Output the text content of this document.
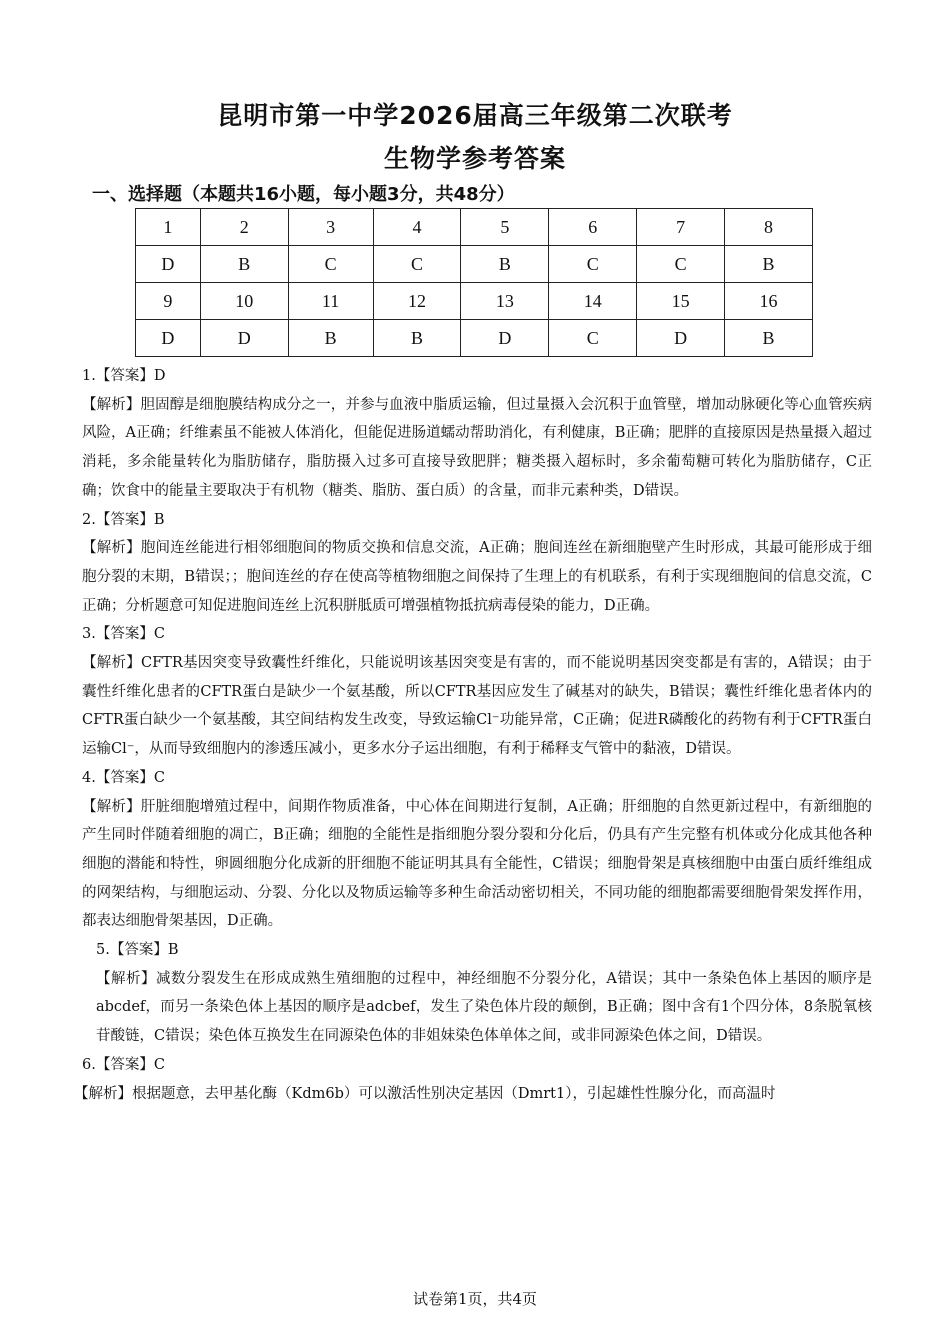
昆明市第一中学2026届高三年级第二次联考
生物学参考答案

一、选择题（本题共16小题，每小题3分，共48分）

1	2	3	4	5	6	7	8
D	B	C	C	B	C	C	B
9	10	11	12	13	14	15	16
D	D	B	B	D	C	D	B

1.【答案】D

【解析】胆固醇是细胞膜结构成分之一，并参与血液中脂质运输，但过量摄入会沉积于血管壁，增加动脉硬化等心血管疾病风险，A正确；纤维素虽不能被人体消化，但能促进肠道蠕动帮助消化，有利健康，B正确；肥胖的直接原因是热量摄入超过消耗，多余能量转化为脂肪储存，脂肪摄入过多可直接导致肥胖；糖类摄入超标时，多余葡萄糖可转化为脂肪储存，C正确；饮食中的能量主要取决于有机物（糖类、脂肪、蛋白质）的含量，而非元素种类，D错误。

2.【答案】B

【解析】胞间连丝能进行相邻细胞间的物质交换和信息交流，A正确；胞间连丝在新细胞壁产生时形成，其最可能形成于细胞分裂的末期，B错误；；胞间连丝的存在使高等植物细胞之间保持了生理上的有机联系，有利于实现细胞间的信息交流，C正确；分析题意可知促进胞间连丝上沉积胼胝质可增强植物抵抗病毒侵染的能力，D正确。

3.【答案】C

【解析】CFTR基因突变导致囊性纤维化，只能说明该基因突变是有害的，而不能说明基因突变都是有害的，A错误；由于囊性纤维化患者的CFTR蛋白是缺少一个氨基酸，所以CFTR基因应发生了碱基对的缺失，B错误；囊性纤维化患者体内的CFTR蛋白缺少一个氨基酸，其空间结构发生改变，导致运输Cl⁻功能异常，C正确；促进R磷酸化的药物有利于CFTR蛋白运输Cl⁻，从而导致细胞内的渗透压减小，更多水分子运出细胞，有利于稀释支气管中的黏液，D错误。

4.【答案】C

【解析】肝脏细胞增殖过程中，间期作物质准备，中心体在间期进行复制，A正确；肝细胞的自然更新过程中，有新细胞的产生同时伴随着细胞的凋亡，B正确；细胞的全能性是指细胞分裂分裂和分化后，仍具有产生完整有机体或分化成其他各种细胞的潜能和特性，卵圆细胞分化成新的肝细胞不能证明其具有全能性，C错误；细胞骨架是真核细胞中由蛋白质纤维组成的网架结构，与细胞运动、分裂、分化以及物质运输等多种生命活动密切相关，不同功能的细胞都需要细胞骨架发挥作用，都表达细胞骨架基因，D正确。

5.【答案】B

【解析】减数分裂发生在形成成熟生殖细胞的过程中，神经细胞不分裂分化，A错误；其中一条染色体上基因的顺序是abcdef，而另一条染色体上基因的顺序是adcbef，发生了染色体片段的颠倒，B正确；图中含有1个四分体，8条脱氧核苷酸链，C错误；染色体互换发生在同源染色体的非姐妹染色体单体之间，或非同源染色体之间，D错误。

6.【答案】C

【解析】根据题意，去甲基化酶（Kdm6b）可以激活性别决定基因（Dmrt1），引起雄性性腺分化，而高温时

试卷第1页，共4页
